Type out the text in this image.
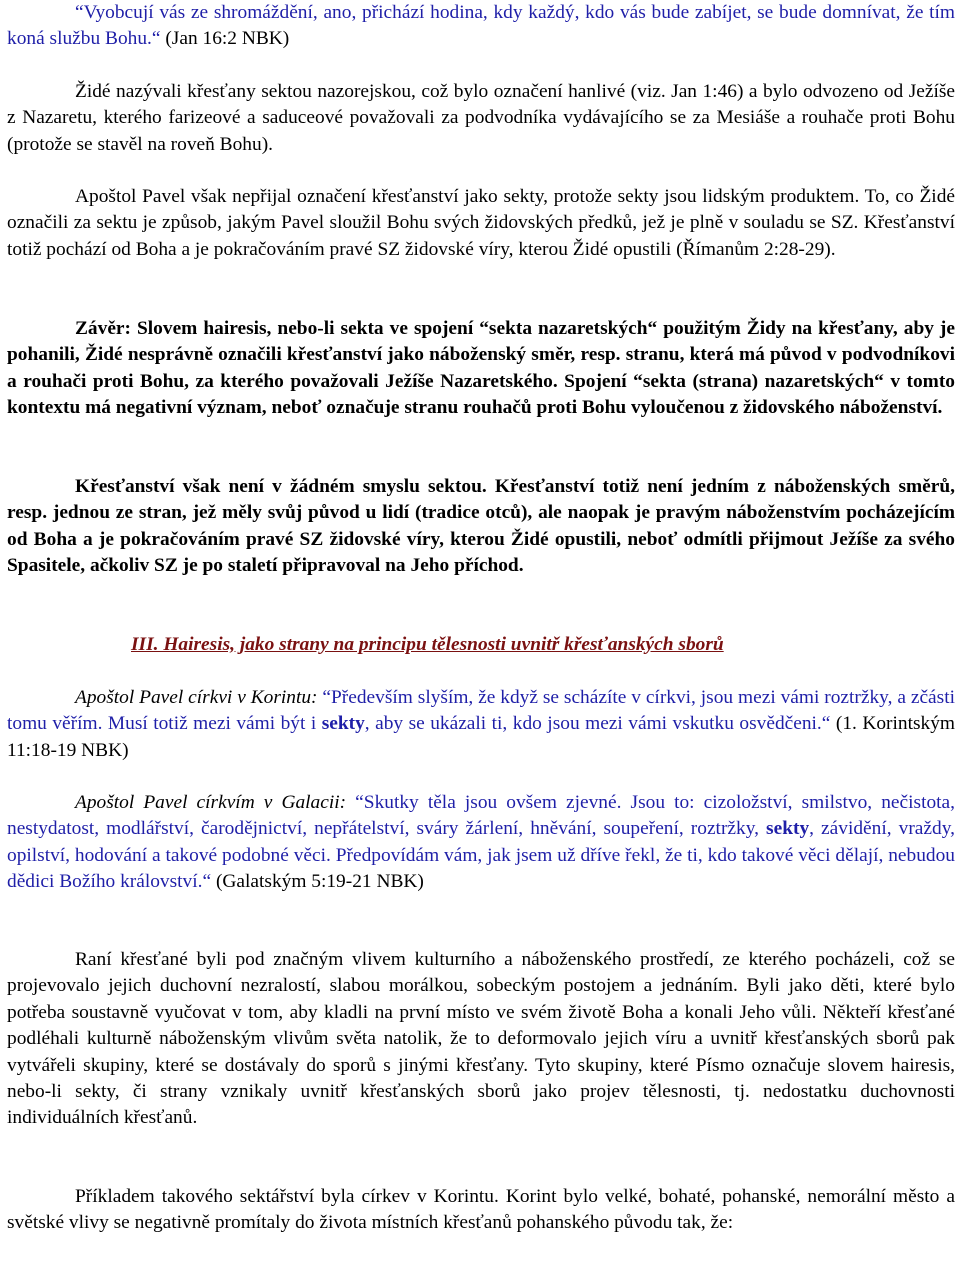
“Vyobcují vás ze shromáždění, ano, přichází hodina, kdy každý, kdo vás bude zabíjet, se bude domnívat, že tím koná službu Bohu.“ (Jan 16:2 NBK)

Židé nazývali křesťany sektou nazorejskou, což bylo označení hanlivé (viz. Jan 1:46) a bylo odvozeno od Ježíše z Nazaretu, kterého farizeové a saduceové považovali za podvodníka vydávajícího se za Mesiáše a rouhače proti Bohu (protože se stavěl na roveň Bohu).

Apoštol Pavel však nepřijal označení křesťanství jako sekty, protože sekty jsou lidským produktem. To, co Židé označili za sektu je způsob, jakým Pavel sloužil Bohu svých židovských předků, jež je plně v souladu se SZ. Křesťanství totiž pochází od Boha a je pokračováním pravé SZ židovské víry, kterou Židé opustili (Římanům 2:28-29).

Závěr: Slovem hairesis, nebo-li sekta ve spojení “sekta nazaretských“ použitým Židy na křesťany, aby je pohanili, Židé nesprávně označili křesťanství jako náboženský směr, resp. stranu, která má původ v podvodníkovi a rouhači proti Bohu, za kterého považovali Ježíše Nazaretského. Spojení “sekta (strana) nazaretských“ v tomto kontextu má negativní význam, neboť označuje stranu rouhačů proti Bohu vyloučenou z židovského náboženství.

Křesťanství však není v žádném smyslu sektou. Křesťanství totiž není jedním z náboženských směrů, resp. jednou ze stran, jež měly svůj původ u lidí (tradice otců), ale naopak je pravým náboženstvím pocházejícím od Boha a je pokračováním pravé SZ židovské víry, kterou Židé opustili, neboť odmítli přijmout Ježíše za svého Spasitele, ačkoliv SZ je po staletí připravoval na Jeho příchod.

III. Hairesis, jako strany na principu tělesnosti uvnitř křesťanských sborů

Apoštol Pavel církvi v Korintu: “Především slyším, že když se scházíte v církvi, jsou mezi vámi roztržky, a zčásti tomu věřím. Musí totiž mezi vámi být i sekty, aby se ukázali ti, kdo jsou mezi vámi vskutku osvědčeni.“ (1. Korintským 11:18-19 NBK)

Apoštol Pavel církvím v Galacii: “Skutky těla jsou ovšem zjevné. Jsou to: cizoložství, smilstvo, nečistota, nestydatost, modlářství, čarodějnictví, nepřátelství, sváry žárlení, hněvání, soupeření, roztržky, sekty, závidění, vraždy, opilství, hodování a takové podobné věci. Předpovídám vám, jak jsem už dříve řekl, že ti, kdo takové věci dělají, nebudou dědici Božího království.“ (Galatským 5:19-21 NBK)

Raní křesťané byli pod značným vlivem kulturního a náboženského prostředí, ze kterého pocházeli, což se projevovalo jejich duchovní nezralostí, slabou morálkou, sobeckým postojem a jednáním. Byli jako děti, které bylo potřeba soustavně vyučovat v tom, aby kladli na první místo ve svém životě Boha a konali Jeho vůli. Někteří křesťané podléhali kulturně náboženským vlivům světa natolik, že to deformovalo jejich víru a uvnitř křesťanských sborů pak vytvářeli skupiny, které se dostávaly do sporů s jinými křesťany. Tyto skupiny, které Písmo označuje slovem hairesis, nebo-li sekty, či strany vznikaly uvnitř křesťanských sborů jako projev tělesnosti, tj. nedostatku duchovnosti individuálních křesťanů.

Příkladem takového sektářství byla církev v Korintu. Korint bylo velké, bohaté, pohanské, nemorální město a světské vlivy se negativně promítaly do života místních křesťanů pohanského původu tak, že:
